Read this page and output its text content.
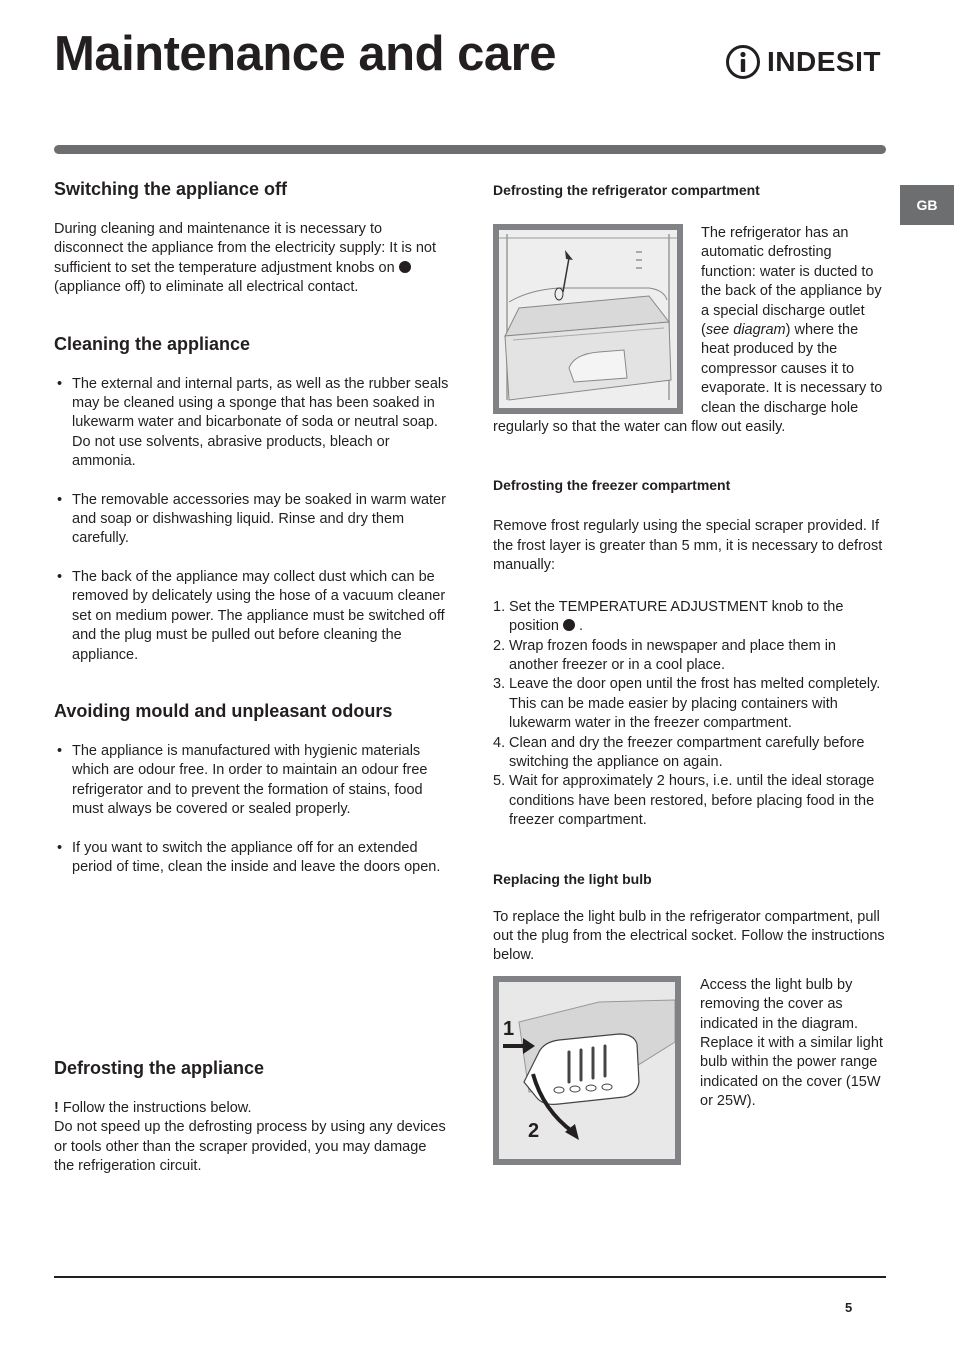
Maintenance and care	INDESIT
GB
Switching the appliance off

During cleaning and maintenance it is necessary to disconnect the appliance from the electricity supply: It is not sufficient to set the temperature adjustment knobs on  (appliance off) to eliminate all electrical contact.

Cleaning the appliance
• The external and internal parts, as well as the rubber seals may be cleaned using a sponge that has been soaked in lukewarm water and bicarbonate of soda or neutral soap. Do not use solvents, abrasive products, bleach or ammonia.
• The removable accessories may be soaked in warm water and soap or dishwashing liquid. Rinse and dry them carefully.
• The back of the appliance may collect dust which can be removed by delicately using the hose of a vacuum cleaner set on medium power. The appliance must be switched off and the plug must be pulled out before cleaning the appliance.
Avoiding mould and unpleasant odours
• The appliance is manufactured with hygienic materials which are odour free. In order to maintain an odour free refrigerator and to prevent the formation of stains, food must always be covered or sealed properly.
• If you want to switch the appliance off for an extended period of time, clean the inside and leave the doors open.
Defrosting the appliance

! Follow the instructions below.

Do not speed up the defrosting process by using any devices or tools other than the scraper provided, you may damage the refrigeration circuit.

Defrosting the refrigerator compartment

The refrigerator has an automatic defrosting function: water is ducted to the back of the appliance by a special discharge outlet (see diagram) where the heat produced by the compressor causes it to evaporate. It is necessary to clean the discharge hole regularly so that the water can flow out easily.

Defrosting the freezer compartment

Remove frost regularly using the special scraper provided. If the frost layer is greater than 5 mm, it is necessary to defrost manually:

1. Set the TEMPERATURE ADJUSTMENT knob to the position .
2. Wrap frozen foods in newspaper and place them in another freezer or in a cool place.
3. Leave the door open until the frost has melted completely. This can be made easier by placing containers with lukewarm water in the freezer compartment.
4. Clean and dry the freezer compartment carefully before switching the appliance on again.
5. Wait for approximately 2 hours, i.e. until the ideal storage conditions have been restored, before placing food in the freezer compartment.
Replacing the light bulb

To replace the light bulb in the refrigerator compartment, pull out the plug from the electrical socket. Follow the instructions below.

1
2

Access the light bulb by removing the cover as indicated in the diagram. Replace it with a similar light bulb within the power range indicated on the cover (15W or 25W).

5
